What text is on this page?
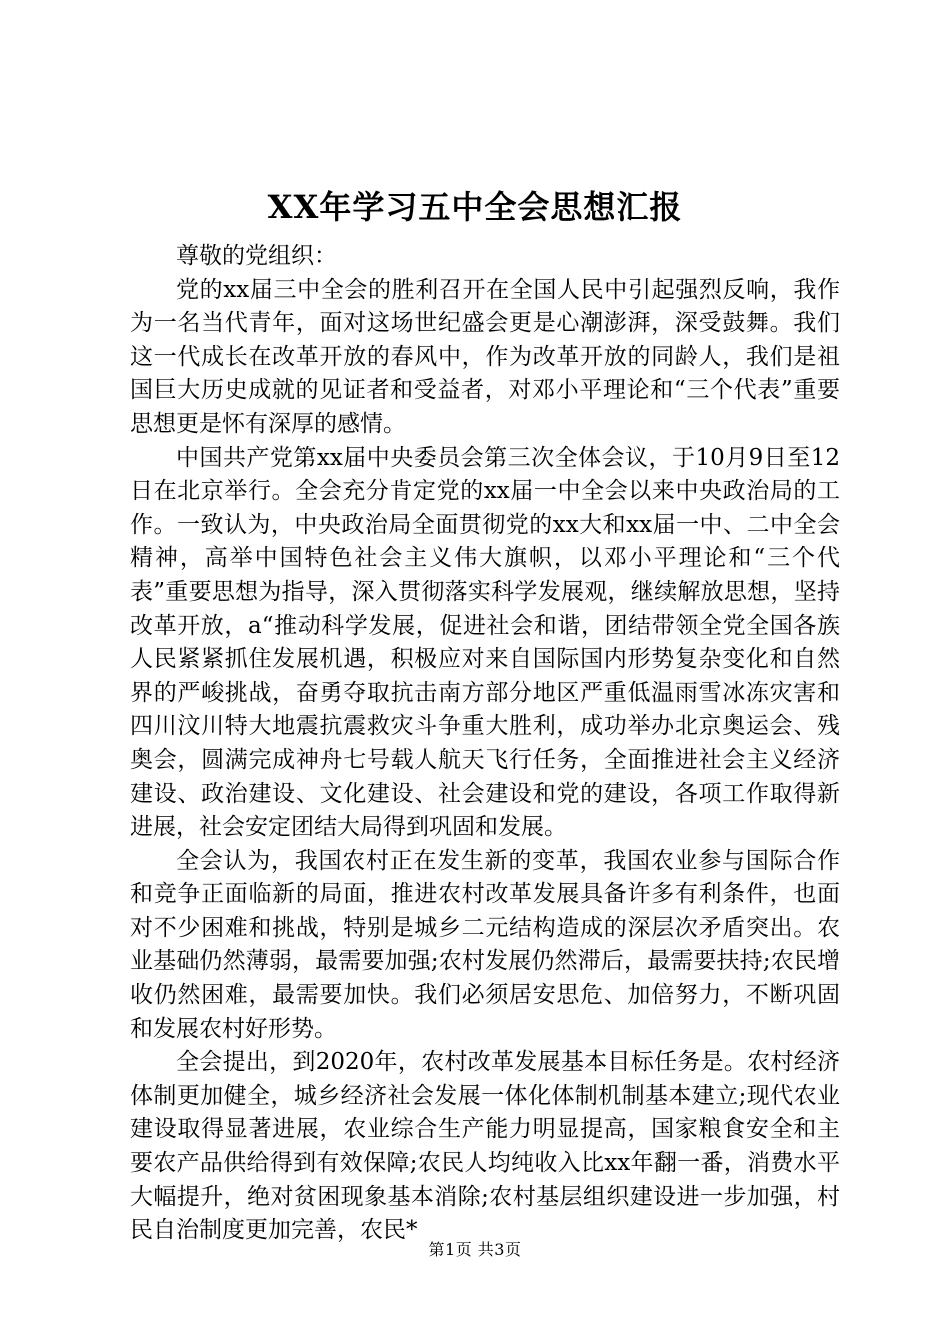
XX年学习五中全会思想汇报
尊敬的党组织：

党的xx届三中全会的胜利召开在全国人民中引起强烈反响，我作为一名当代青年，面对这场世纪盛会更是心潮澎湃，深受鼓舞。我们这一代成长在改革开放的春风中，作为改革开放的同龄人，我们是祖国巨大历史成就的见证者和受益者，对邓小平理论和“三个代表”重要思想更是怀有深厚的感情。

中国共产党第xx届中央委员会第三次全体会议，于10月9日至12日在北京举行。全会充分肯定党的xx届一中全会以来中央政治局的工作。一致认为，中央政治局全面贯彻党的xx大和xx届一中、二中全会精神，高举中国特色社会主义伟大旗帜，以邓小平理论和“三个代表”重要思想为指导，深入贯彻落实科学发展观，继续解放思想，坚持改革开放，a“推动科学发展，促进社会和谐，团结带领全党全国各族人民紧紧抓住发展机遇，积极应对来自国际国内形势复杂变化和自然界的严峻挑战，奋勇夺取抗击南方部分地区严重低温雨雪冰冻灾害和四川汶川特大地震抗震救灾斗争重大胜利，成功举办北京奥运会、残奥会，圆满完成神舟七号载人航天飞行任务，全面推进社会主义经济建设、政治建设、文化建设、社会建设和党的建设，各项工作取得新进展，社会安定团结大局得到巩固和发展。

全会认为，我国农村正在发生新的变革，我国农业参与国际合作和竞争正面临新的局面，推进农村改革发展具备许多有利条件，也面对不少困难和挑战，特别是城乡二元结构造成的深层次矛盾突出。农业基础仍然薄弱，最需要加强;农村发展仍然滞后，最需要扶持;农民增收仍然困难，最需要加快。我们必须居安思危、加倍努力，不断巩固和发展农村好形势。

全会提出，到2020年，农村改革发展基本目标任务是。农村经济体制更加健全，城乡经济社会发展一体化体制机制基本建立;现代农业建设取得显著进展，农业综合生产能力明显提高，国家粮食安全和主要农产品供给得到有效保障;农民人均纯收入比xx年翻一番，消费水平大幅提升，绝对贫困现象基本消除;农村基层组织建设进一步加强，村民自治制度更加完善，农民*

第1页 共3页
